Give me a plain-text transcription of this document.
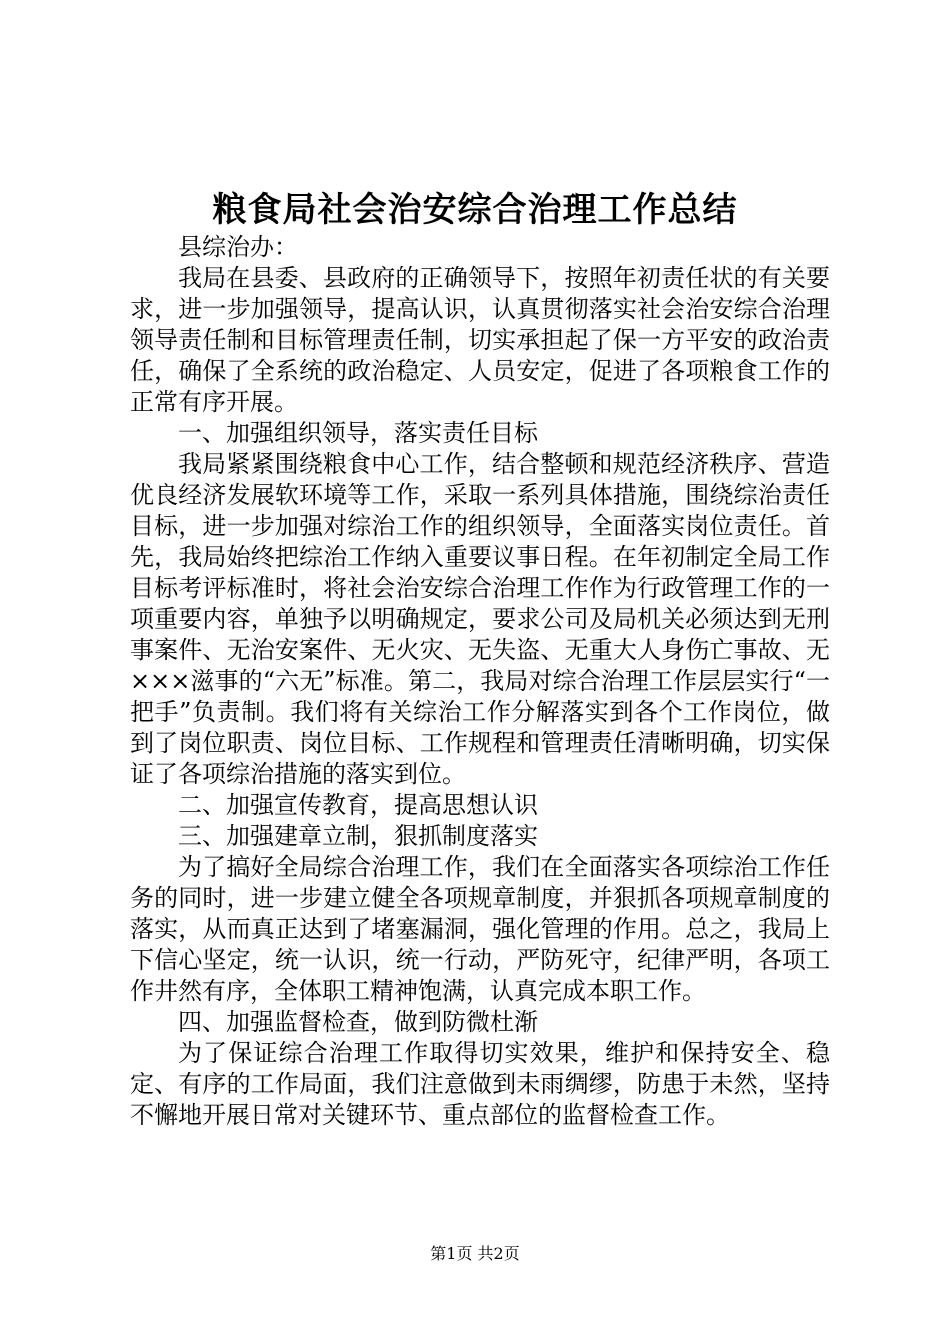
粮食局社会治安综合治理工作总结

县综治办：

我局在县委、县政府的正确领导下，按照年初责任状的有关要求，进一步加强领导，提高认识，认真贯彻落实社会治安综合治理领导责任制和目标管理责任制，切实承担起了保一方平安的政治责任，确保了全系统的政治稳定、人员安定，促进了各项粮食工作的正常有序开展。

一、加强组织领导，落实责任目标

我局紧紧围绕粮食中心工作，结合整顿和规范经济秩序、营造优良经济发展软环境等工作，采取一系列具体措施，围绕综治责任目标，进一步加强对综治工作的组织领导，全面落实岗位责任。首先，我局始终把综治工作纳入重要议事日程。在年初制定全局工作目标考评标准时，将社会治安综合治理工作作为行政管理工作的一项重要内容，单独予以明确规定，要求公司及局机关必须达到无刑事案件、无治安案件、无火灾、无失盗、无重大人身伤亡事故、无×××滋事的“六无”标准。第二，我局对综合治理工作层层实行“一把手”负责制。我们将有关综治工作分解落实到各个工作岗位，做到了岗位职责、岗位目标、工作规程和管理责任清晰明确，切实保证了各项综治措施的落实到位。

二、加强宣传教育，提高思想认识

三、加强建章立制，狠抓制度落实

为了搞好全局综合治理工作，我们在全面落实各项综治工作任务的同时，进一步建立健全各项规章制度，并狠抓各项规章制度的落实，从而真正达到了堵塞漏洞，强化管理的作用。总之，我局上下信心坚定，统一认识，统一行动，严防死守，纪律严明，各项工作井然有序，全体职工精神饱满，认真完成本职工作。

四、加强监督检查，做到防微杜渐

为了保证综合治理工作取得切实效果，维护和保持安全、稳定、有序的工作局面，我们注意做到未雨绸缪，防患于未然，坚持不懈地开展日常对关键环节、重点部位的监督检查工作。

第1页 共2页
